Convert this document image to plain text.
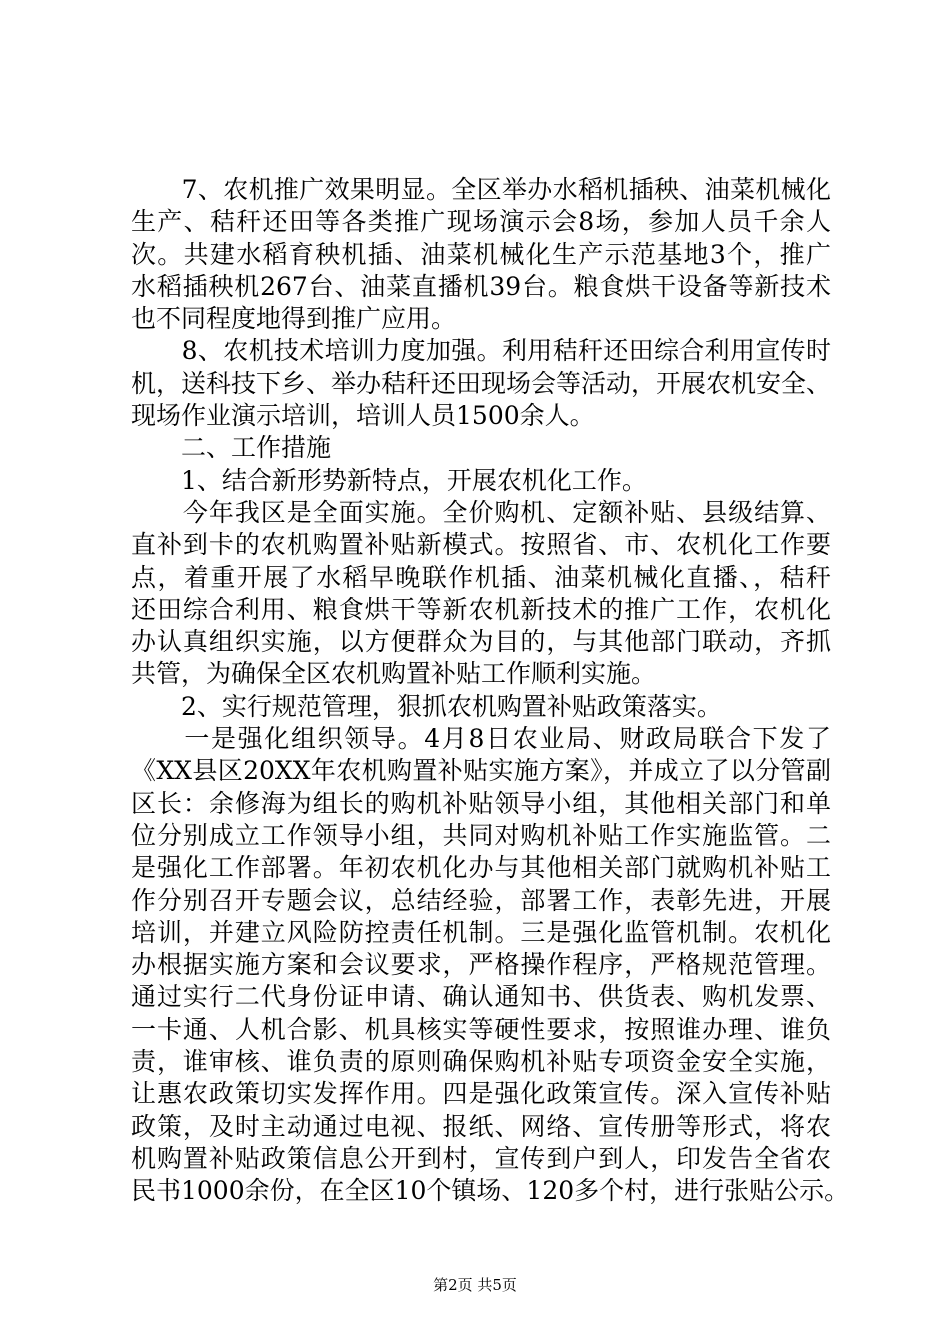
　　7、农机推广效果明显。全区举办水稻机插秧、油菜机械化
生产、秸秆还田等各类推广现场演示会8场，参加人员千余人
次。共建水稻育秧机插、油菜机械化生产示范基地3个，推广
水稻插秧机267台、油菜直播机39台。粮食烘干设备等新技术
也不同程度地得到推广应用。
　　8、农机技术培训力度加强。利用秸秆还田综合利用宣传时
机，送科技下乡、举办秸秆还田现场会等活动，开展农机安全、
现场作业演示培训，培训人员1500余人。
　　二、工作措施
　　1、结合新形势新特点，开展农机化工作。
　　今年我区是全面实施。全价购机、定额补贴、县级结算、
直补到卡的农机购置补贴新模式。按照省、市、农机化工作要
点，着重开展了水稻早晚联作机插、油菜机械化直播、，秸秆
还田综合利用、粮食烘干等新农机新技术的推广工作，农机化
办认真组织实施，以方便群众为目的，与其他部门联动，齐抓
共管，为确保全区农机购置补贴工作顺利实施。
　　2、实行规范管理，狠抓农机购置补贴政策落实。
　　一是强化组织领导。4月8日农业局、财政局联合下发了
《XX县区20XX年农机购置补贴实施方案》，并成立了以分管副
区长：余修海为组长的购机补贴领导小组，其他相关部门和单
位分别成立工作领导小组，共同对购机补贴工作实施监管。二
是强化工作部署。年初农机化办与其他相关部门就购机补贴工
作分别召开专题会议，总结经验，部署工作，表彰先进，开展
培训，并建立风险防控责任机制。三是强化监管机制。农机化
办根据实施方案和会议要求，严格操作程序，严格规范管理。
通过实行二代身份证申请、确认通知书、供货表、购机发票、
一卡通、人机合影、机具核实等硬性要求，按照谁办理、谁负
责，谁审核、谁负责的原则确保购机补贴专项资金安全实施，
让惠农政策切实发挥作用。四是强化政策宣传。深入宣传补贴
政策，及时主动通过电视、报纸、网络、宣传册等形式，将农
机购置补贴政策信息公开到村，宣传到户到人，印发告全省农
民书1000余份，在全区10个镇场、120多个村，进行张贴公示。
第2页 共5页
